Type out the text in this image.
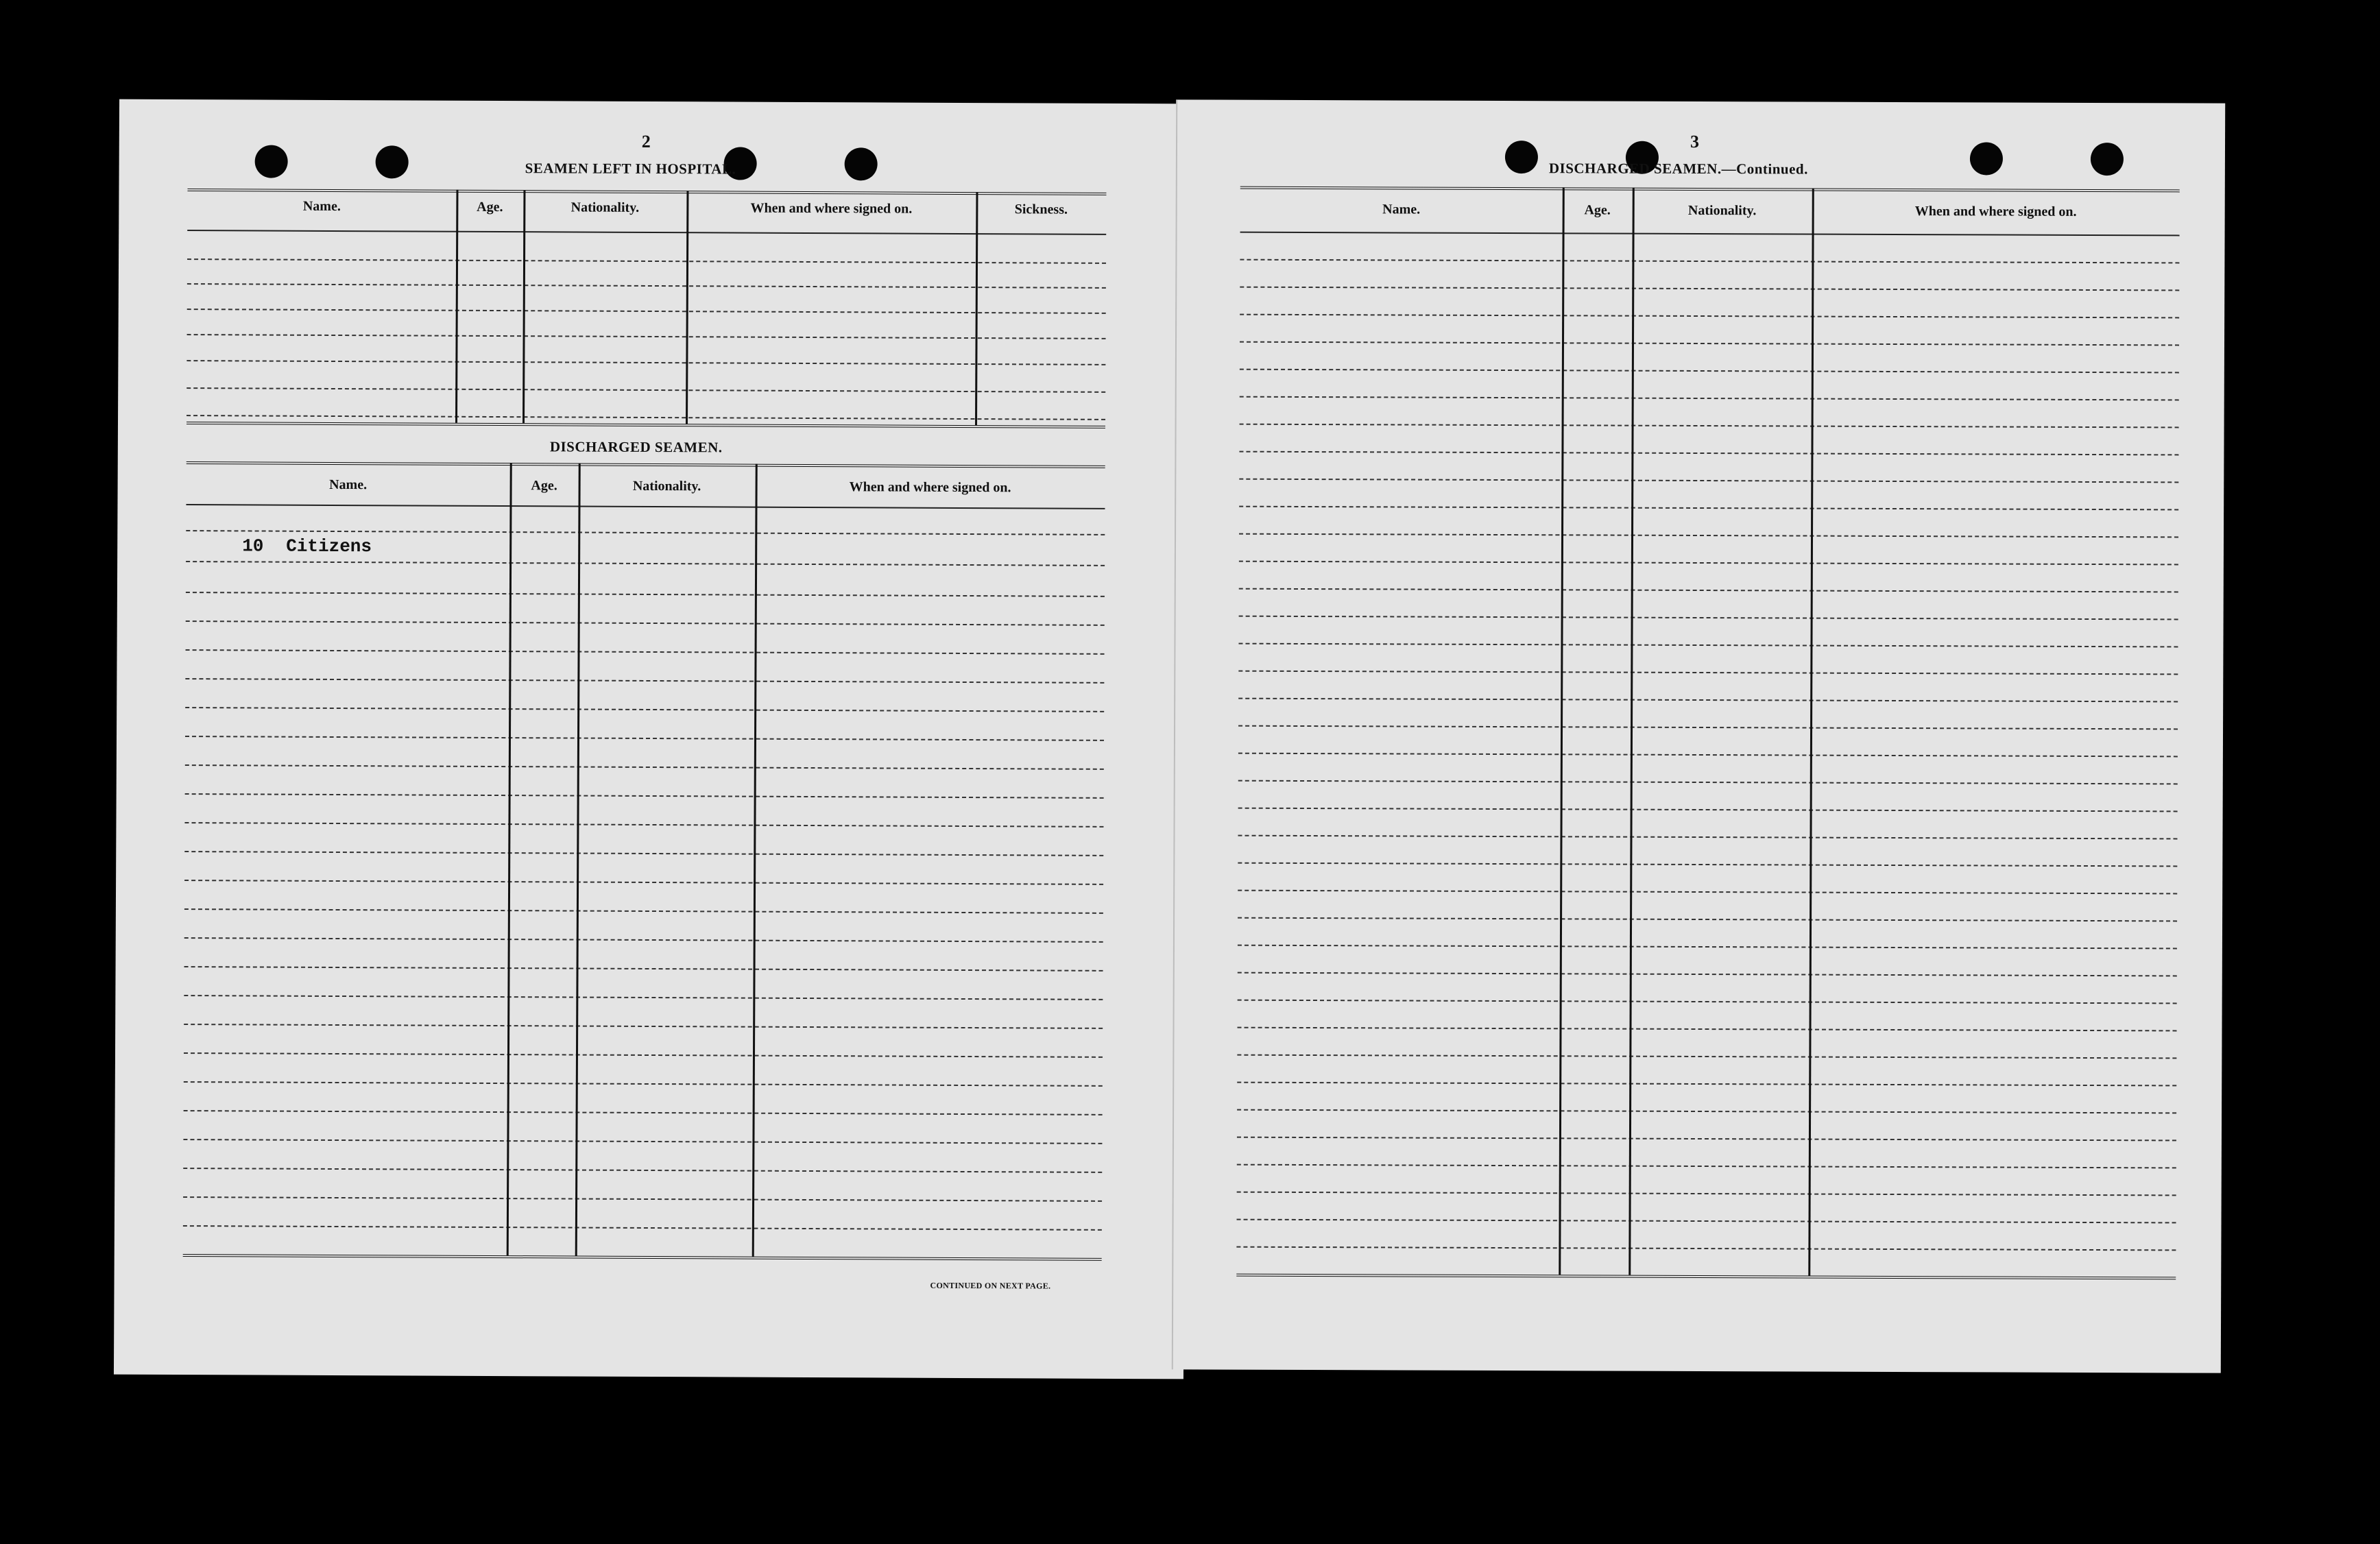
2
SEAMEN LEFT IN HOSPITAL.
Name.	Age.	Nationality.	When and where signed on.	Sickness.
DISCHARGED SEAMEN.
Name.	Age.	Nationality.	When and where signed on.
10 Citizens
CONTINUED ON NEXT PAGE.
3
DISCHARGED SEAMEN.—Continued.
Name.	Age.	Nationality.	When and where signed on.
